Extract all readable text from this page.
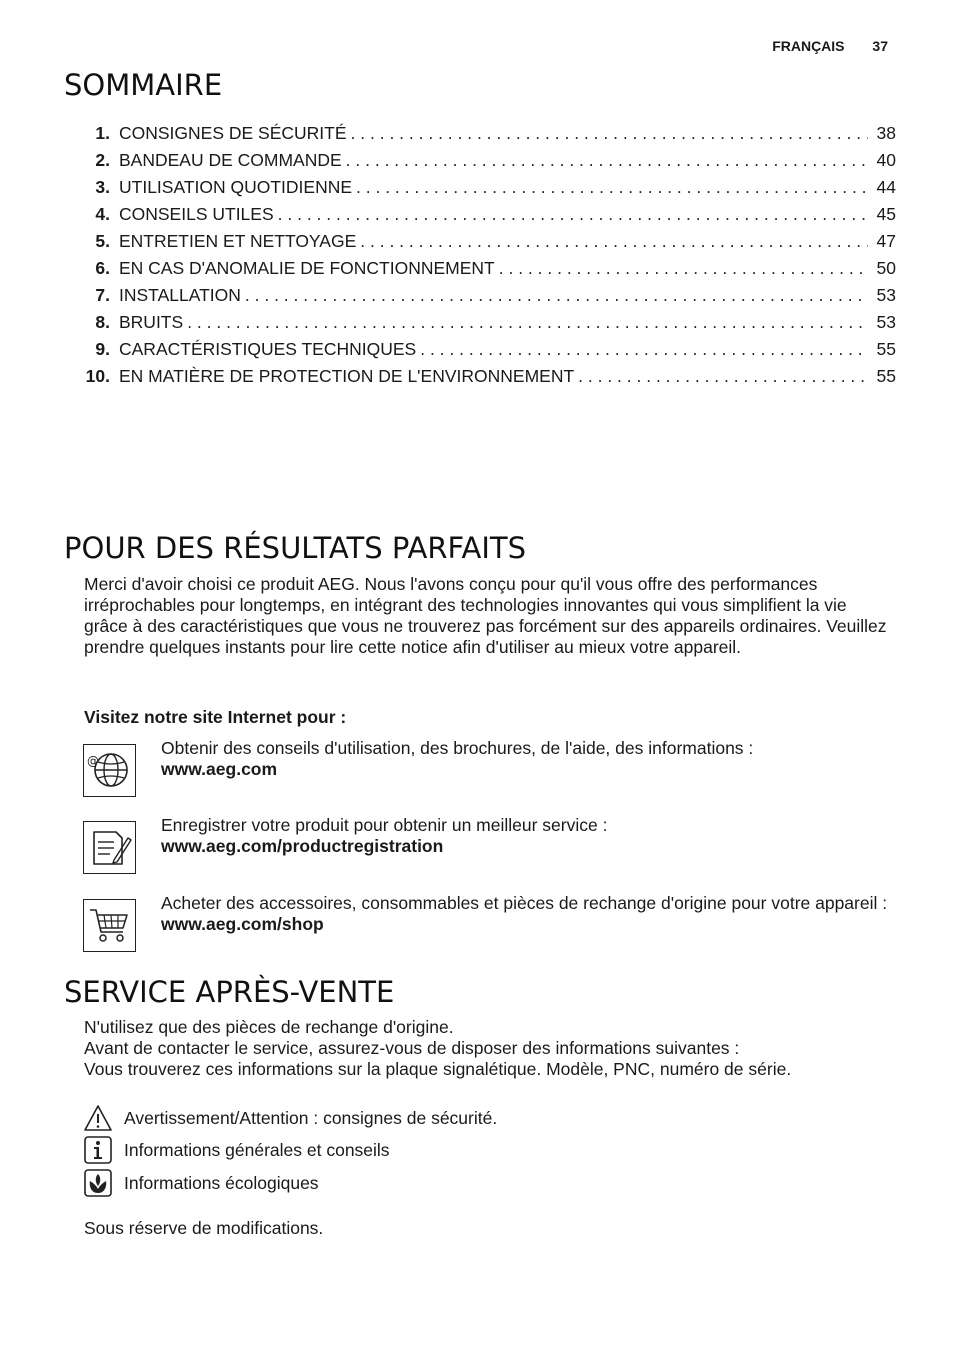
FRANÇAIS 37
SOMMAIRE
1. CONSIGNES DE SÉCURITÉ . . .	38
2. BANDEAU DE COMMANDE . . .	40
3. UTILISATION QUOTIDIENNE . . .	44
4. CONSEILS UTILES . . .	45
5. ENTRETIEN ET NETTOYAGE . . .	47
6. EN CAS D'ANOMALIE DE FONCTIONNEMENT . . .	50
7. INSTALLATION . . .	53
8. BRUITS . . .	53
9. CARACTÉRISTIQUES TECHNIQUES . . .	55
10. EN MATIÈRE DE PROTECTION DE L'ENVIRONNEMENT . . .	55
POUR DES RÉSULTATS PARFAITS
Merci d'avoir choisi ce produit AEG. Nous l'avons conçu pour qu'il vous offre des performances irréprochables pour longtemps, en intégrant des technologies innovantes qui vous simplifient la vie grâce à des caractéristiques que vous ne trouverez pas forcément sur des appareils ordinaires. Veuillez prendre quelques instants pour lire cette notice afin d'utiliser au mieux votre appareil.
Visitez notre site Internet pour :
@
Obtenir des conseils d'utilisation, des brochures, de l'aide, des informations :
www.aeg.com
Enregistrer votre produit pour obtenir un meilleur service :
www.aeg.com/productregistration
Acheter des accessoires, consommables et pièces de rechange d'origine pour votre appareil :
www.aeg.com/shop
SERVICE APRÈS-VENTE
N'utilisez que des pièces de rechange d'origine.
Avant de contacter le service, assurez-vous de disposer des informations suivantes :
Vous trouverez ces informations sur la plaque signalétique. Modèle, PNC, numéro de série.
Avertissement/Attention : consignes de sécurité.
Informations générales et conseils
Informations écologiques
Sous réserve de modifications.
